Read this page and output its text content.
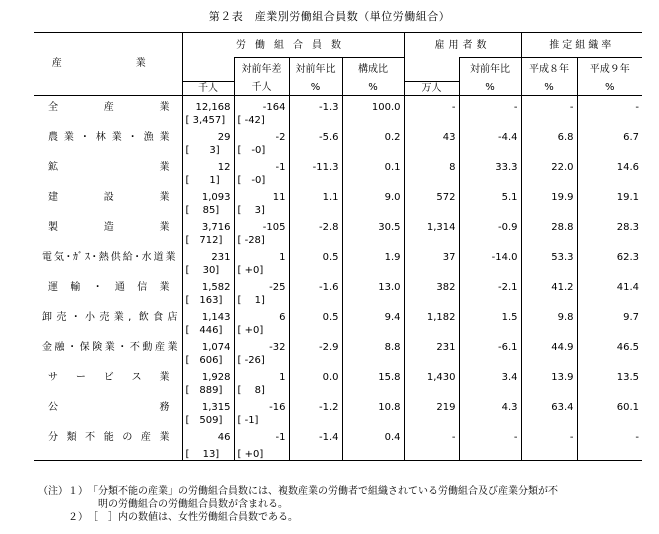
第２表　産業別労働組合員数（単位労働組合）
産　　業	労働組合員数				雇用者数		推定組織率	
		対前年差	対前年比	構成比		対前年比	平成８年	平成９年
	千人	千人	%	%	万人	%	%	%
全　産　業	12,168	-164	-1.3	100.0	-	-	-	-
	[ 3,457]	[ -42]						
農業・林業・漁業	29	-2	-5.6	0.2	43	-4.4	6.8	6.7
	[　　3]	[　-0]						
鉱　　　　業	12	-1	-11.3	0.1	8	33.3	22.0	14.6
	[　　1]	[　-0]						
建　設　業	1,093	11	1.1	9.0	572	5.1	19.9	19.1
	[　 85]	[　 3]						
製　造　業	3,716	-105	-2.8	30.5	1,314	-0.9	28.8	28.3
	[　712]	[ -28]						
電気･ｶﾞｽ･熱供給･水道業	231	1	0.5	1.9	37	-14.0	53.3	62.3
	[　 30]	[ +0]						
運輸・通信業	1,582	-25	-1.6	13.0	382	-2.1	41.2	41.4
	[　163]	[　 1]						
卸売・小売業, 飲食店	1,143	6	0.5	9.4	1,182	1.5	9.8	9.7
	[　446]	[ +0]						
金融・保険業・不動産業	1,074	-32	-2.9	8.8	231	-6.1	44.9	46.5
	[　606]	[ -26]						
サービス業	1,928	1	0.0	15.8	1,430	3.4	13.9	13.5
	[　889]	[　 8]						
公　　　　務	1,315	-16	-1.2	10.8	219	4.3	63.4	60.1
	[　509]	[ -1]						
分類不能の産業	46	-1	-1.4	0.4	-	-	-	-
	[　 13]	[ +0]						
（注）１）　「分類不能の産業」の労働組合員数には、複数産業の労働者で組織されている労働組合及び産業分類が不
　　　　　　明の労働組合の労働組合員数が含まれる。
　　　２）　［　］内の数値は、女性労働組合員数である。
